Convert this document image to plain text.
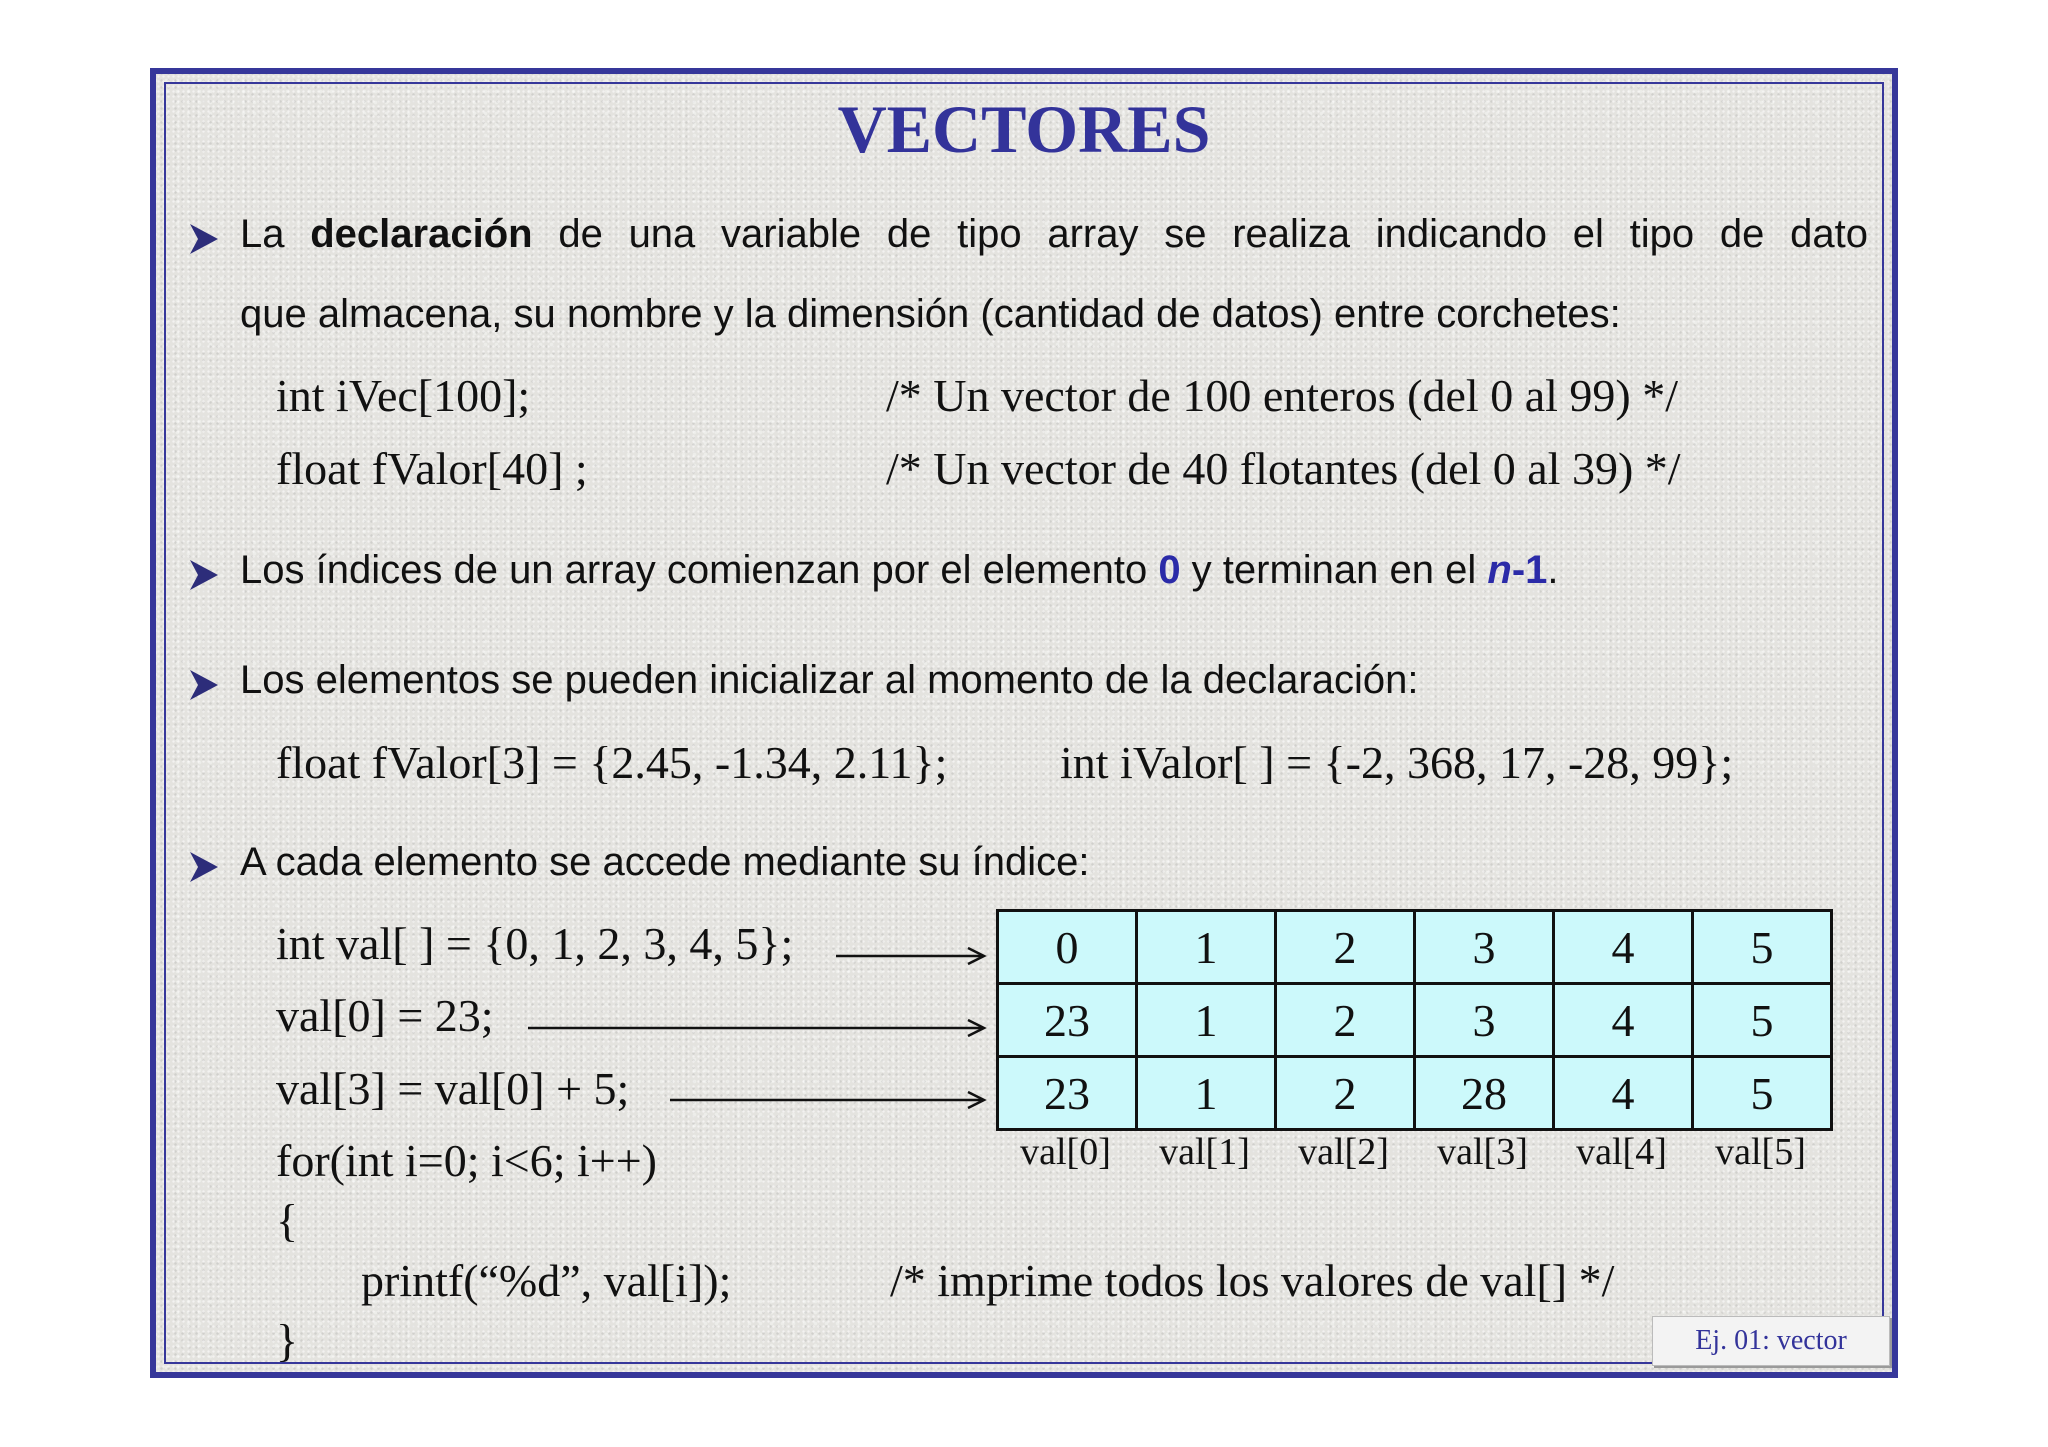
VECTORES
La declaración de una variable de tipo array se realiza indicando el tipo de dato
que almacena, su nombre y la dimensión (cantidad de datos) entre corchetes:
int iVec[100];	/* Un vector de 100 enteros (del 0 al 99) */
float fValor[40] ;	/* Un vector de 40 flotantes (del 0 al 39) */
Los índices de un array comienzan por el elemento 0 y terminan en el n-1.
Los elementos se pueden inicializar al momento de la declaración:
float fValor[3] = {2.45, -1.34, 2.11}; int iValor[ ] = {-2, 368, 17, -28, 99};
A cada elemento se accede mediante su índice:
int val[ ] = {0, 1, 2, 3, 4, 5};
val[0] = 23;
val[3] = val[0] + 5;
for(int i=0; i<6; i++)
{
printf(“%d”, val[i]);	/* imprime todos los valores de val[] */
}
0	1	2	3	4	5
23	1	2	3	4	5
23	1	2	28	4	5
val[0]	val[1]	val[2]	val[3]	val[4]	val[5]
Ej. 01: vector
